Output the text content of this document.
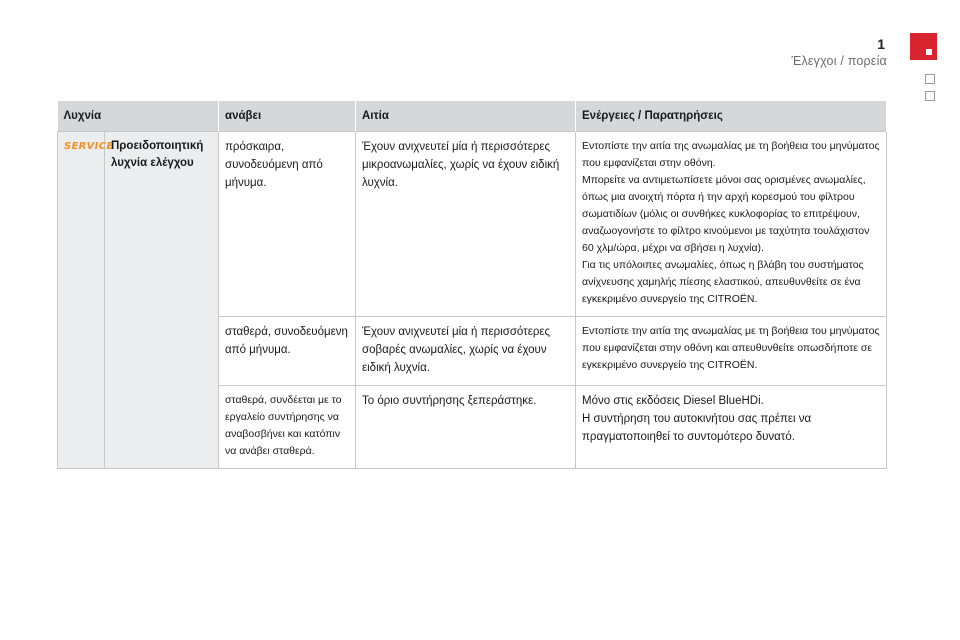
1
Έλεγχοι / πορεία
Λυχνία		ανάβει	Αιτία	Ενέργειες / Παρατηρήσεις
SERVICE	Προειδοποιητική λυχνία ελέγχου	πρόσκαιρα, συνοδευόμενη από μήνυμα.	Έχουν ανιχνευτεί μία ή περισσότερες μικροανωμαλίες, χωρίς να έχουν ειδική λυχνία.	Εντοπίστε την αιτία της ανωμαλίας με τη βοήθεια του μηνύματος που εμφανίζεται στην οθόνη.
Μπορείτε να αντιμετωπίσετε μόνοι σας ορισμένες ανωμαλίες, όπως μια ανοιχτή πόρτα ή την αρχή κορεσμού του φίλτρου σωματιδίων (μόλις οι συνθήκες κυκλοφορίας το επιτρέψουν, αναζωογονήστε το φίλτρο κινούμενοι με ταχύτητα τουλάχιστον 60 χλμ/ώρα, μέχρι να σβήσει η λυχνία).
Για τις υπόλοιπες ανωμαλίες, όπως η βλάβη του συστήματος ανίχνευσης χαμηλής πίεσης ελαστικού, απευθυνθείτε σε ένα εγκεκριμένο συνεργείο της CITROËN.

		σταθερά, συνοδευόμενη από μήνυμα.	Έχουν ανιχνευτεί μία ή περισσότερες σοβαρές ανωμαλίες, χωρίς να έχουν ειδική λυχνία.	Εντοπίστε την αιτία της ανωμαλίας με τη βοήθεια του μηνύματος που εμφανίζεται στην οθόνη και απευθυνθείτε οπωσδήποτε σε εγκεκριμένο συνεργείο της CITROËN.

		σταθερά, συνδέεται με το εργαλείο συντήρησης να αναβοσβήνει και κατόπιν να ανάβει σταθερά.	Το όριο συντήρησης ξεπεράστηκε.	Μόνο στις εκδόσεις Diesel BlueHDi.
Η συντήρηση του αυτοκινήτου σας πρέπει να πραγματοποιηθεί το συντομότερο δυνατό.
